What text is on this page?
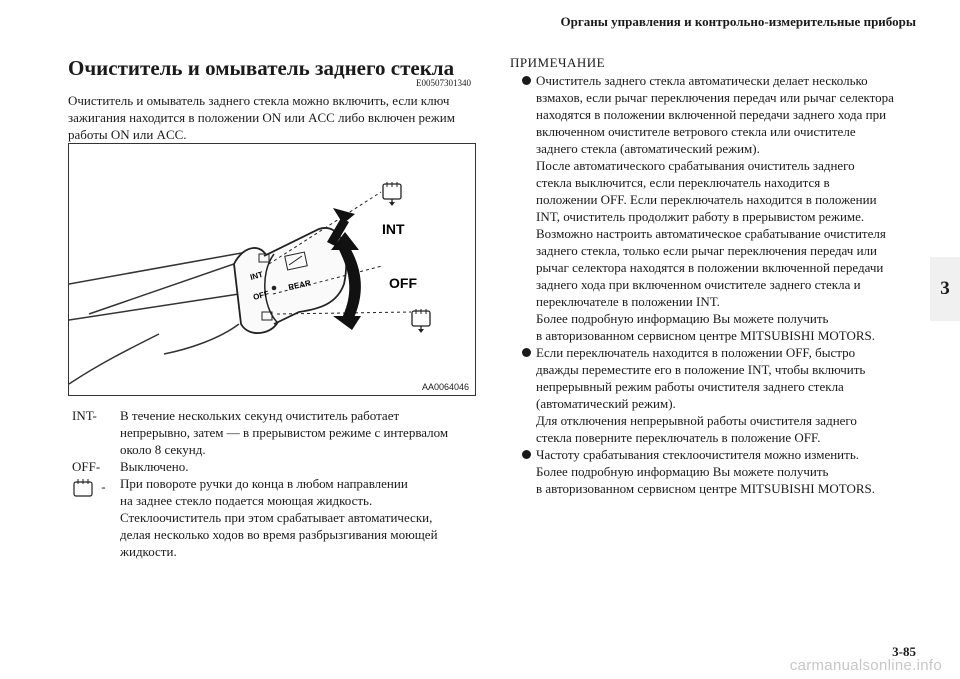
Органы управления и контрольно-измерительные приборы
Очиститель и омыватель заднего стекла
E00507301340
Очиститель и омыватель заднего стекла можно включить, если ключ
зажигания находится в положении ON или ACC либо включен режим
работы ON или ACC.
REAR
INT
OFF
INT
OFF
AA0064046
INT- В течение нескольких секунд очиститель работает
непрерывно, затем — в прерывистом режиме с интервалом
около 8 секунд.
OFF- Выключено.
- При повороте ручки до конца в любом направлении
на заднее стекло подается моющая жидкость.
Стеклоочиститель при этом срабатывает автоматически,
делая несколько ходов во время разбрызгивания моющей
жидкости.
ПРИМЕЧАНИЕ
Очиститель заднего стекла автоматически делает несколько
взмахов, если рычаг переключения передач или рычаг селектора
находятся в положении включенной передачи заднего хода при
включенном очистителе ветрового стекла или очистителе
заднего стекла (автоматический режим).
После автоматического срабатывания очиститель заднего
стекла выключится, если переключатель находится в
положении OFF. Если переключатель находится в положении
INT, очиститель продолжит работу в прерывистом режиме.
Возможно настроить автоматическое срабатывание очистителя
заднего стекла, только если рычаг переключения передач или
рычаг селектора находятся в положении включенной передачи
заднего хода при включенном очистителе заднего стекла и
переключателе в положении INT.
Более подробную информацию Вы можете получить
в авторизованном сервисном центре MITSUBISHI MOTORS.
Если переключатель находится в положении OFF, быстро
дважды переместите его в положение INT, чтобы включить
непрерывный режим работы очистителя заднего стекла
(автоматический режим).
Для отключения непрерывной работы очистителя заднего
стекла поверните переключатель в положение OFF.
Частоту срабатывания стеклоочистителя можно изменить.
Более подробную информацию Вы можете получить
в авторизованном сервисном центре MITSUBISHI MOTORS.
3
3-85
carmanualsonline.info
